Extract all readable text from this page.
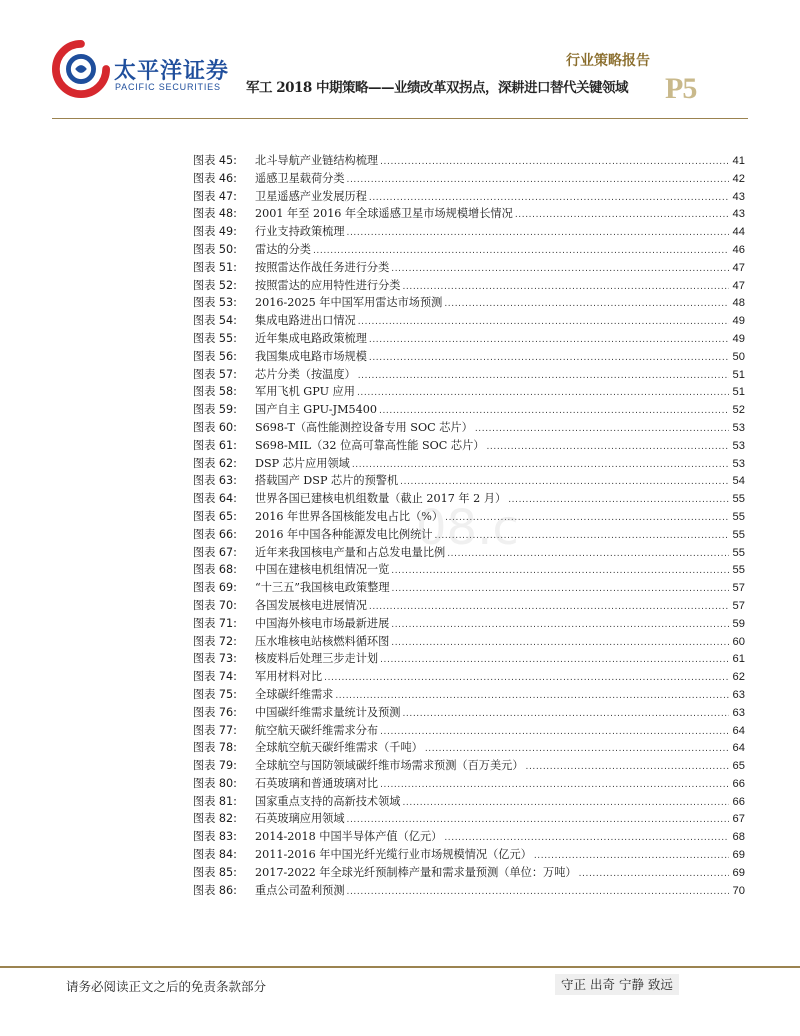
太平洋证券
PACIFIC SECURITIES
行业策略报告
军工 2018 中期策略——业绩改革双拐点，深耕进口替代关键领域	P5
图表 45:	北斗导航产业链结构梳理 .....	41
图表 46:	遥感卫星载荷分类 .....	42
图表 47:	卫星遥感产业发展历程 .....	43
图表 48:	2001 年至 2016 年全球遥感卫星市场规模增长情况 .....	43
图表 49:	行业支持政策梳理 .....	44
图表 50:	雷达的分类 .....	46
图表 51:	按照雷达作战任务进行分类 .....	47
图表 52:	按照雷达的应用特性进行分类 .....	47
图表 53:	2016-2025 年中国军用雷达市场预测 .....	48
图表 54:	集成电路进出口情况 .....	49
图表 55:	近年集成电路政策梳理 .....	49
图表 56:	我国集成电路市场规模 .....	50
图表 57:	芯片分类（按温度） .....	51
图表 58:	军用飞机 GPU 应用 .....	51
图表 59:	国产自主 GPU-JM5400 .....	52
图表 60:	S698-T（高性能测控设备专用 SOC 芯片） .....	53
图表 61:	S698-MIL（32 位高可靠高性能 SOC 芯片） .....	53
图表 62:	DSP 芯片应用领域 .....	53
图表 63:	搭载国产 DSP 芯片的预警机 .....	54
图表 64:	世界各国已建核电机组数量（截止 2017 年 2 月） .....	55
图表 65:	2016 年世界各国核能发电占比（%） .....	55
图表 66:	2016 年中国各种能源发电比例统计 .....	55
图表 67:	近年来我国核电产量和占总发电量比例 .....	55
图表 68:	中国在建核电机组情况一览 .....	55
图表 69:	“十三五”我国核电政策整理 .....	57
图表 70:	各国发展核电进展情况 .....	57
图表 71:	中国海外核电市场最新进展 .....	59
图表 72:	压水堆核电站核燃料循环图 .....	60
图表 73:	核废料后处理三步走计划 .....	61
图表 74:	军用材料对比 .....	62
图表 75:	全球碳纤维需求 .....	63
图表 76:	中国碳纤维需求量统计及预测 .....	63
图表 77:	航空航天碳纤维需求分布 .....	64
图表 78:	全球航空航天碳纤维需求（千吨） .....	64
图表 79:	全球航空与国防领域碳纤维市场需求预测（百万美元） .....	65
图表 80:	石英玻璃和普通玻璃对比 .....	66
图表 81:	国家重点支持的高新技术领域 .....	66
图表 82:	石英玻璃应用领域 .....	67
图表 83:	2014-2018 中国半导体产值（亿元） .....	68
图表 84:	2011-2016 年中国光纤光缆行业市场规模情况（亿元） .....	69
图表 85:	2017-2022 年全球光纤预制棒产量和需求量预测（单位：万吨） .....	69
图表 86:	重点公司盈利预测 .....	70
08.c
请务必阅读正文之后的免责条款部分	守正 出奇 宁静 致远
